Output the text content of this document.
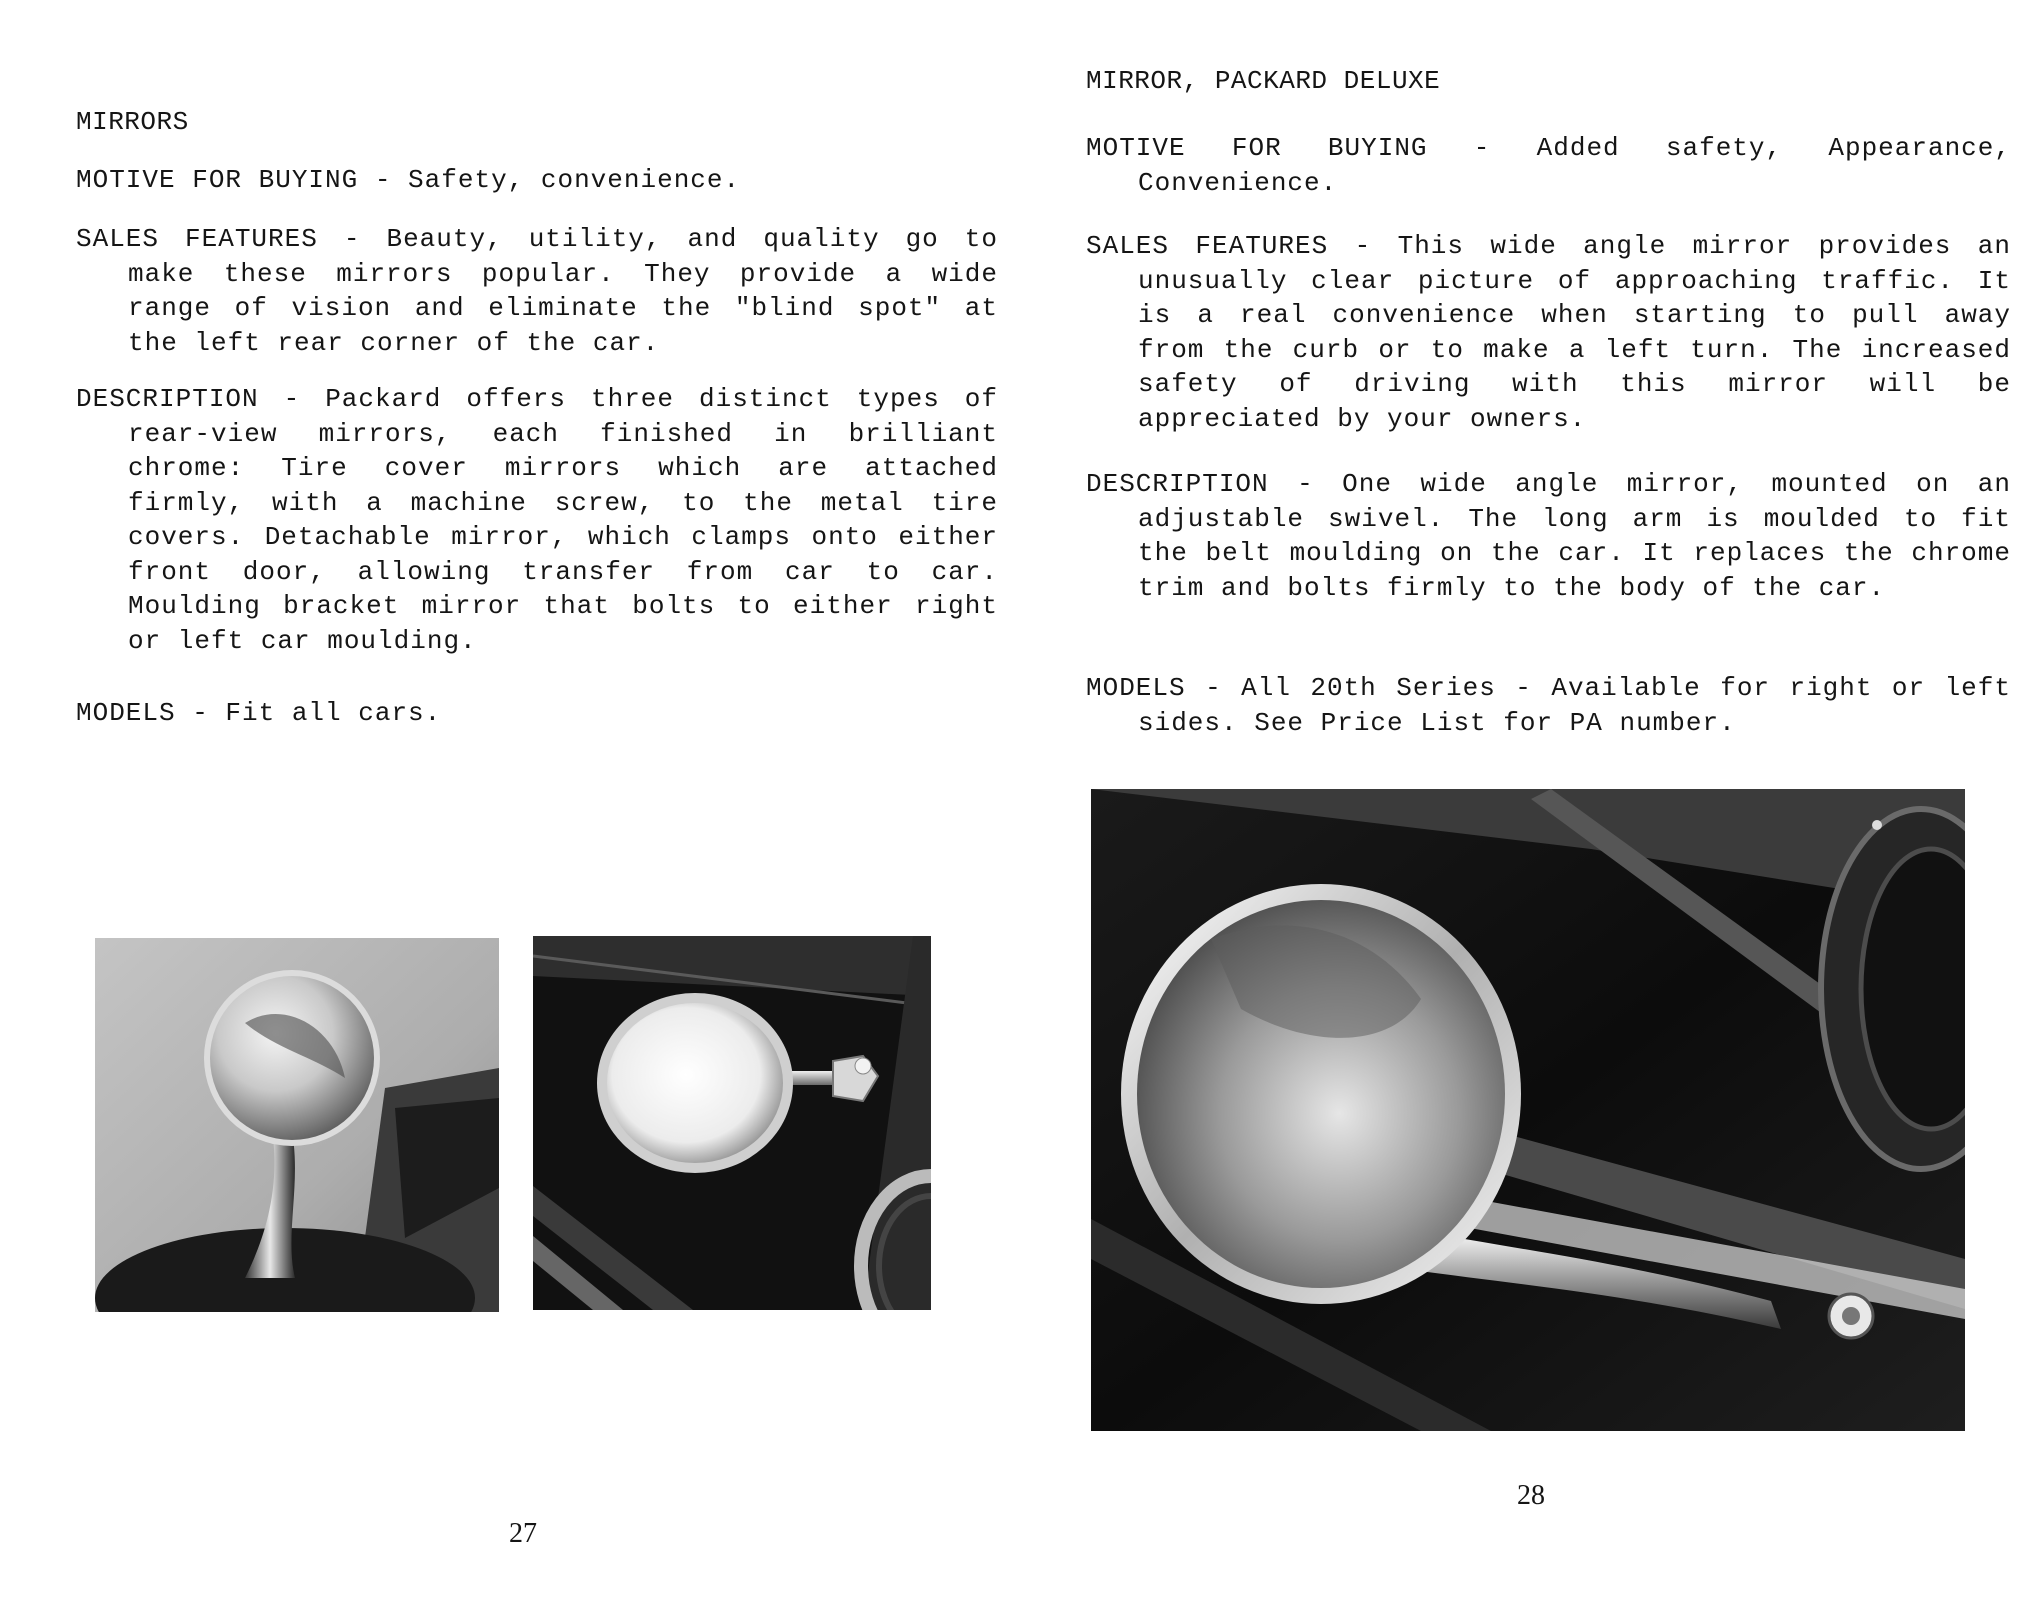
MIRRORS

MOTIVE FOR BUYING - Safety, convenience.

SALES FEATURES - Beauty, utility, and quality go to make these mirrors popular. They provide a wide range of vision and eliminate the "blind spot" at the left rear corner of the car.

DESCRIPTION - Packard offers three distinct types of rear-view mirrors, each finished in brilliant chrome: Tire cover mirrors which are attached firmly, with a machine screw, to the metal tire covers. Detachable mirror, which clamps onto either front door, allowing transfer from car to car. Moulding bracket mirror that bolts to either right or left car moulding.

MODELS - Fit all cars.

27
MIRROR, PACKARD DELUXE

MOTIVE FOR BUYING - Added safety, Appearance, Convenience.

SALES FEATURES - This wide angle mirror provides an unusually clear picture of approaching traffic. It is a real convenience when starting to pull away from the curb or to make a left turn. The increased safety of driving with this mirror will be appreciated by your owners.

DESCRIPTION - One wide angle mirror, mounted on an adjustable swivel. The long arm is moulded to fit the belt moulding on the car. It replaces the chrome trim and bolts firmly to the body of the car.

MODELS - All 20th Series - Available for right or left sides. See Price List for PA number.

28
